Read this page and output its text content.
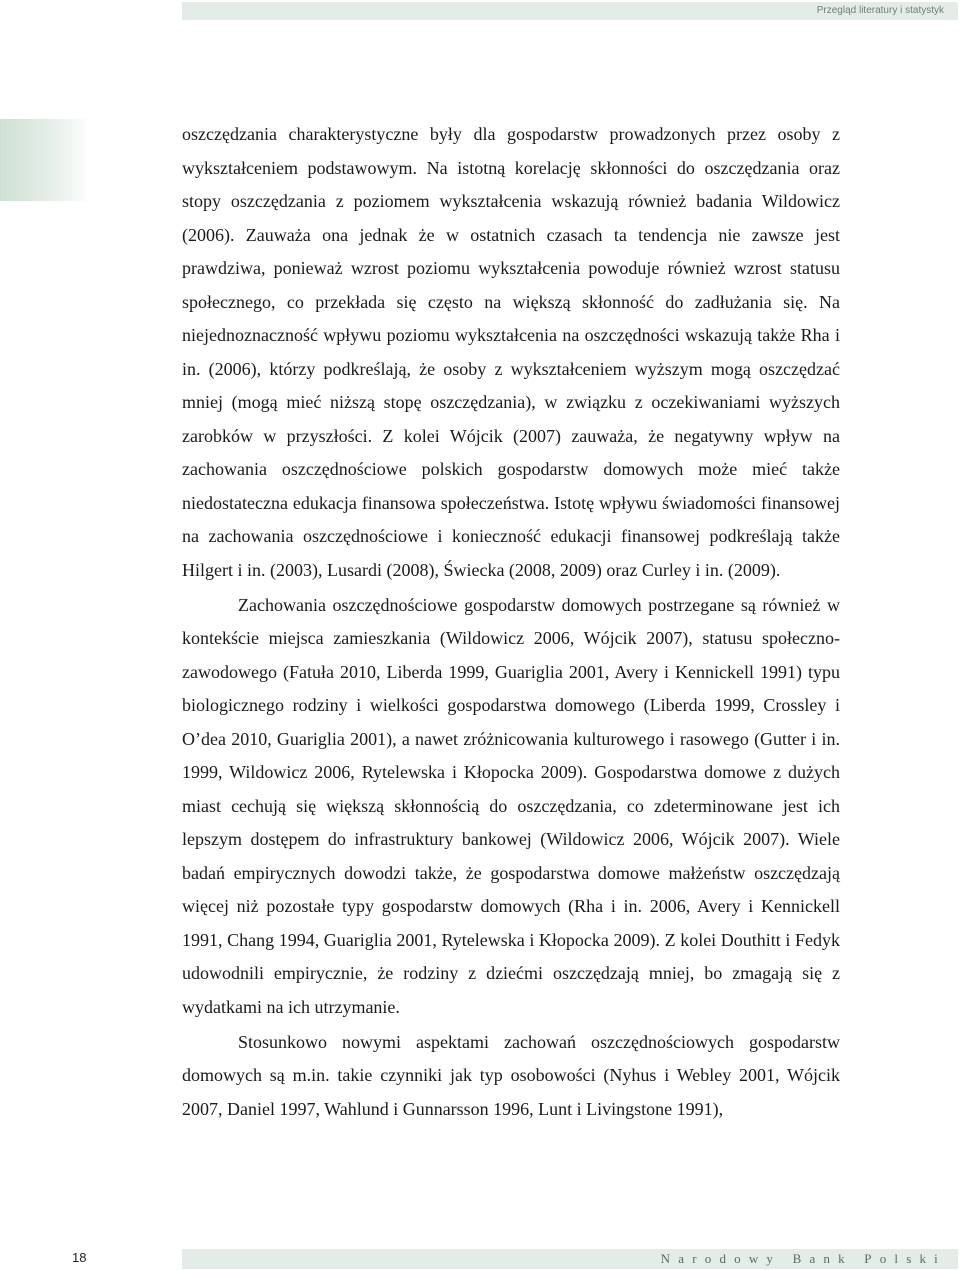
Przegląd literatury i statystyk

oszczędzania charakterystyczne były dla gospodarstw prowadzonych przez osoby z wykształceniem podstawowym. Na istotną korelację skłonności do oszczędzania oraz stopy oszczędzania z poziomem wykształcenia wskazują również badania Wildowicz (2006). Zauważa ona jednak że w ostatnich czasach ta tendencja nie zawsze jest prawdziwa, ponieważ wzrost poziomu wykształcenia powoduje również wzrost statusu społecznego, co przekłada się często na większą skłonność do zadłużania się. Na niejednoznaczność wpływu poziomu wykształcenia na oszczędności wskazują także Rha i in. (2006), którzy podkreślają, że osoby z wykształceniem wyższym mogą oszczędzać mniej (mogą mieć niższą stopę oszczędzania), w związku z oczekiwaniami wyższych zarobków w przyszłości. Z kolei Wójcik (2007) zauważa, że negatywny wpływ na zachowania oszczędnościowe polskich gospodarstw domowych może mieć także niedostateczna edukacja finansowa społeczeństwa. Istotę wpływu świadomości finansowej na zachowania oszczędnościowe i konieczność edukacji finansowej podkreślają także Hilgert i in. (2003), Lusardi (2008), Świecka (2008, 2009) oraz Curley i in. (2009).

Zachowania oszczędnościowe gospodarstw domowych postrzegane są również w kontekście miejsca zamieszkania (Wildowicz 2006, Wójcik 2007), statusu społeczno-zawodowego (Fatuła 2010, Liberda 1999, Guariglia 2001, Avery i Kennickell 1991) typu biologicznego rodziny i wielkości gospodarstwa domowego (Liberda 1999, Crossley i O’dea 2010, Guariglia 2001), a nawet zróżnicowania kulturowego i rasowego (Gutter i in. 1999, Wildowicz 2006, Rytelewska i Kłopocka 2009). Gospodarstwa domowe z dużych miast cechują się większą skłonnością do oszczędzania, co zdeterminowane jest ich lepszym dostępem do infrastruktury bankowej (Wildowicz 2006, Wójcik 2007). Wiele badań empirycznych dowodzi także, że gospodarstwa domowe małżeństw oszczędzają więcej niż pozostałe typy gospodarstw domowych (Rha i in. 2006, Avery i Kennickell 1991, Chang 1994, Guariglia 2001, Rytelewska i Kłopocka 2009). Z kolei Douthitt i Fedyk udowodnili empirycznie, że rodziny z dziećmi oszczędzają mniej, bo zmagają się z wydatkami na ich utrzymanie.

Stosunkowo nowymi aspektami zachowań oszczędnościowych gospodarstw domowych są m.in. takie czynniki jak typ osobowości (Nyhus i Webley 2001, Wójcik 2007, Daniel 1997, Wahlund i Gunnarsson 1996, Lunt i Livingstone 1991),

18	Narodowy Bank Polski
